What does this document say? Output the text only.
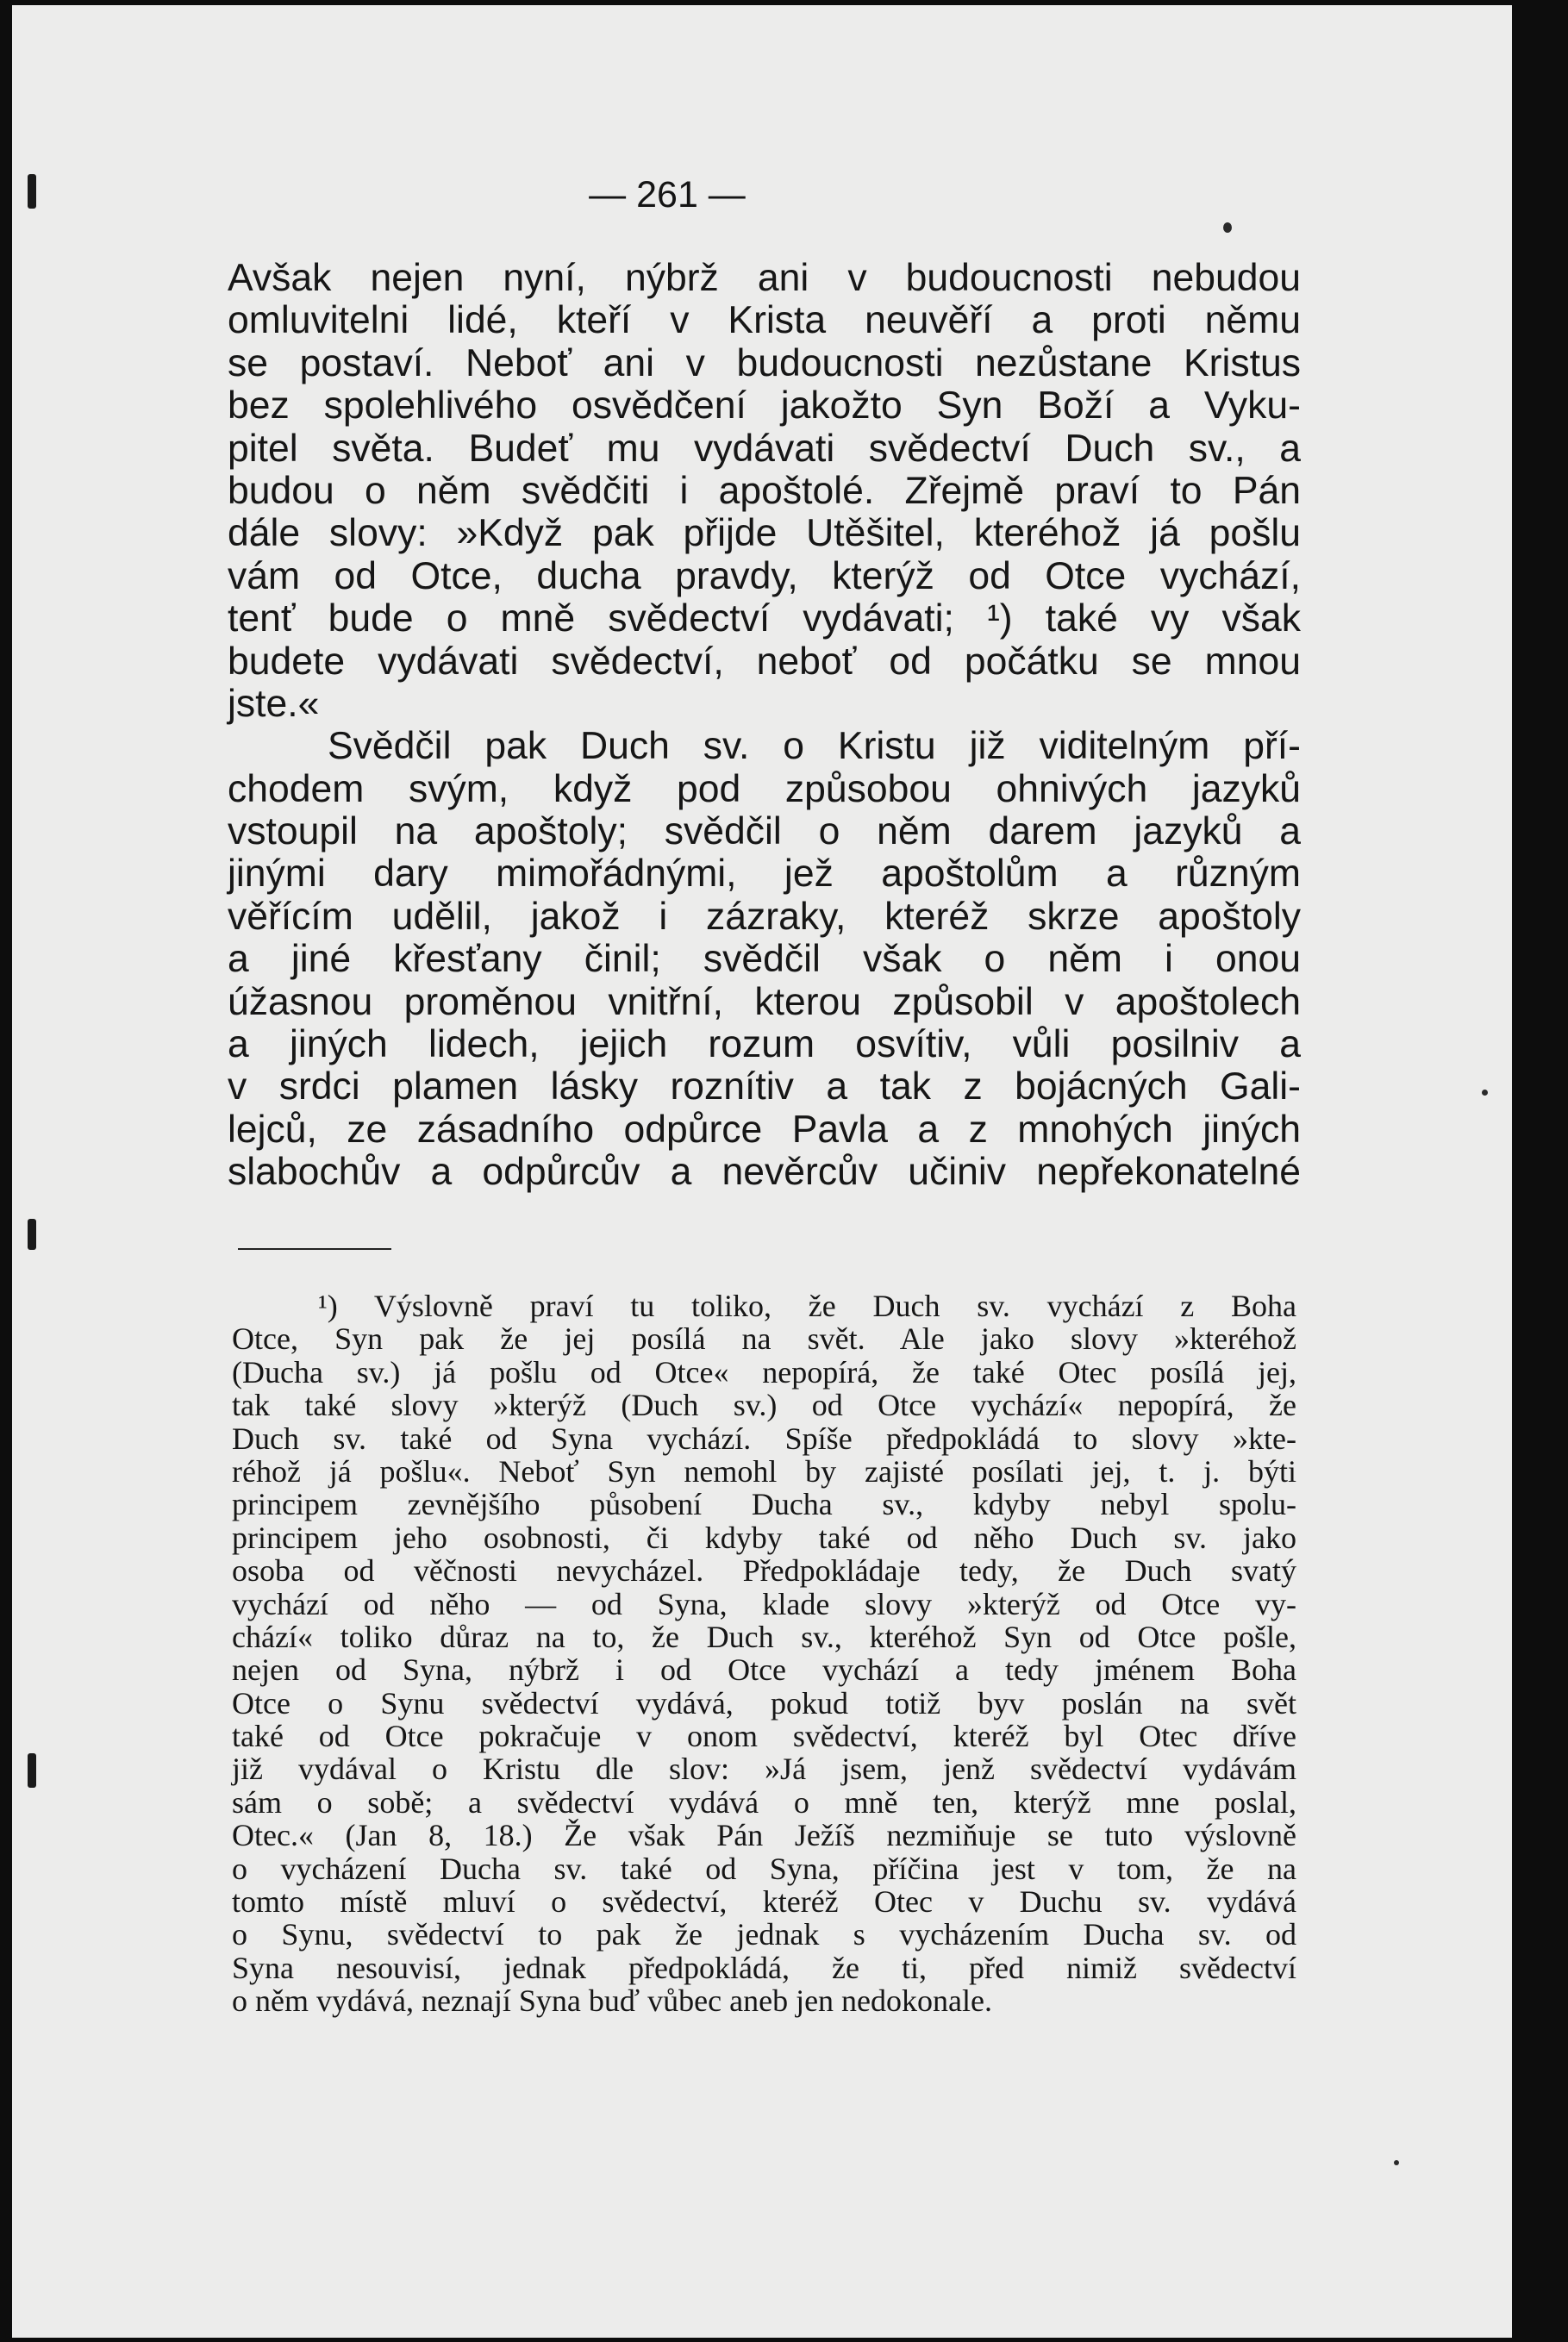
— 261 —
Avšak nejen nyní, nýbrž ani v budoucnosti nebudou
omluvitelni lidé, kteří v Krista neuvěří a proti němu
se postaví. Neboť ani v budoucnosti nezůstane Kristus
bez spolehlivého osvědčení jakožto Syn Boží a Vyku-
pitel světa. Budeť mu vydávati svědectví Duch sv., a
budou o něm svědčiti i apoštolé. Zřejmě praví to Pán
dále slovy: »Když pak přijde Utěšitel, kteréhož já pošlu
vám od Otce, ducha pravdy, kterýž od Otce vychází,
tenť bude o mně svědectví vydávati; ¹) také vy však
budete vydávati svědectví, neboť od počátku se mnou
jste.«
Svědčil pak Duch sv. o Kristu již viditelným pří-
chodem svým, když pod způsobou ohnivých jazyků
vstoupil na apoštoly; svědčil o něm darem jazyků a
jinými dary mimořádnými, jež apoštolům a různým
věřícím udělil, jakož i zázraky, kteréž skrze apoštoly
a jiné křesťany činil; svědčil však o něm i onou
úžasnou proměnou vnitřní, kterou způsobil v apoštolech
a jiných lidech, jejich rozum osvítiv, vůli posilniv a
v srdci plamen lásky roznítiv a tak z bojácných Gali-
lejců, ze zásadního odpůrce Pavla a z mnohých jiných
slabochův a odpůrcův a nevěrcův učiniv nepřekonatelné
¹) Výslovně praví tu toliko, že Duch sv. vychází z Boha
Otce, Syn pak že jej posílá na svět. Ale jako slovy »kteréhož
(Ducha sv.) já pošlu od Otce« nepopírá, že také Otec posílá jej,
tak také slovy »kterýž (Duch sv.) od Otce vychází« nepopírá, že
Duch sv. také od Syna vychází. Spíše předpokládá to slovy »kte-
réhož já pošlu«. Neboť Syn nemohl by zajisté posílati jej, t. j. býti
principem zevnějšího působení Ducha sv., kdyby nebyl spolu-
principem jeho osobnosti, či kdyby také od něho Duch sv. jako
osoba od věčnosti nevycházel. Předpokládaje tedy, že Duch svatý
vychází od něho — od Syna, klade slovy »kterýž od Otce vy-
chází« toliko důraz na to, že Duch sv., kteréhož Syn od Otce pošle,
nejen od Syna, nýbrž i od Otce vychází a tedy jménem Boha
Otce o Synu svědectví vydává, pokud totiž byv poslán na svět
také od Otce pokračuje v onom svědectví, kteréž byl Otec dříve
již vydával o Kristu dle slov: »Já jsem, jenž svědectví vydávám
sám o sobě; a svědectví vydává o mně ten, kterýž mne poslal,
Otec.« (Jan 8, 18.) Že však Pán Ježíš nezmiňuje se tuto výslovně
o vycházení Ducha sv. také od Syna, příčina jest v tom, že na
tomto místě mluví o svědectví, kteréž Otec v Duchu sv. vydává
o Synu, svědectví to pak že jednak s vycházením Ducha sv. od
Syna nesouvisí, jednak předpokládá, že ti, před nimiž svědectví
o něm vydává, neznají Syna buď vůbec aneb jen nedokonale.
